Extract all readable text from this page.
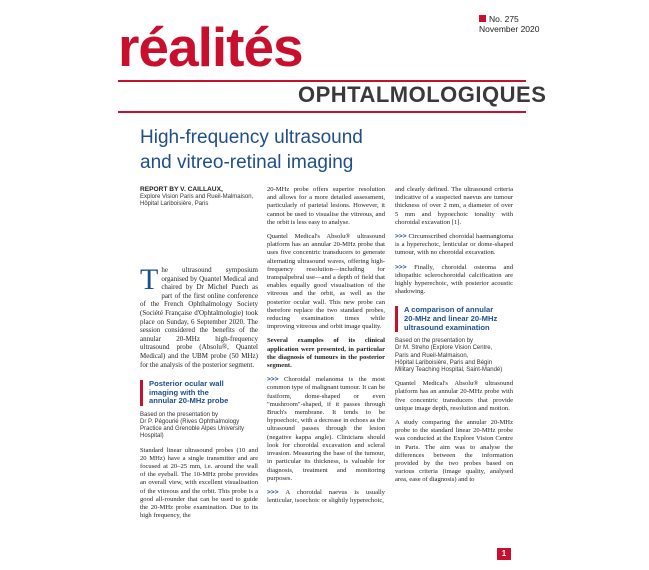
No. 275
November 2020
réalités
OPHTALMOLOGIQUES
High-frequency ultrasound
and vitreo-retinal imaging
REPORT BY V. CAILLAUX,
Explore Vision Paris and Rueil-Malmaison,
Hôpital Lariboisière, Paris
The ultrasound symposium organised by Quantel Medical and chaired by Dr Michel Puech as part of the first online conference of the French Ophthalmology Society (Société Française d'Ophtalmologie) took place on Sunday, 6 September 2020. The session considered the benefits of the annular 20-MHz high-frequency ultrasound probe (Absolu®, Quantel Medical) and the UBM probe (50 MHz) for the analysis of the posterior segment.
Posterior ocular wall
imaging with the
annular 20-MHz probe
Based on the presentation by
Dr P. Pégourié (Rives Ophthalmology
Practice and Grenoble Alpes University
Hospital)

Standard linear ultrasound probes (10 and 20 MHz) have a single transmitter and are focused at 20–25 mm, i.e. around the wall of the eyeball. The 10-MHz probe provides an overall view, with excellent visualisation of the vitreous and the orbit. This probe is a good all-rounder that can be used to guide the 20-MHz probe examination. Due to its high frequency, the

20-MHz probe offers superior resolution and allows for a more detailed assessment, particularly of parietal lesions. However, it cannot be used to visualise the vitreous, and the orbit is less easy to analyse.

Quantel Medical's Absolu® ultrasound platform has an annular 20-MHz probe that uses five concentric transducers to generate alternating ultrasound waves, offering high-frequency resolution—including for transpalpebral use—and a depth of field that enables equally good visualisation of the vitreous and the orbit, as well as the posterior ocular wall. This new probe can therefore replace the two standard probes, reducing examination times while improving vitreous and orbit image quality.

Several examples of its clinical application were presented, in particular the diagnosis of tumours in the posterior segment.

>>> Choroidal melanoma is the most common type of malignant tumour. It can be fusiform, dome-shaped or even "mushroom"-shaped, if it passes through Bruch's membrane. It tends to be hypoechoic, with a decrease in echoes as the ultrasound passes through the lesion (negative kappa angle). Clinicians should look for choroidal excavation and scleral invasion. Measuring the base of the tumour, in particular its thickness, is valuable for diagnosis, treatment and monitoring purposes.

>>> A choroidal naevus is usually lenticular, isoechoic or slightly hyperechoic,

and clearly defined. The ultrasound criteria indicative of a suspected naevus are tumour thickness of over 2 mm, a diameter of over 5 mm and hypoechoic tonality with choroidal excavation [1].

>>> Circumscribed choroidal haemangioma is a hyperechoic, lenticular or dome-shaped tumour, with no choroidal excavation.

>>> Finally, choroidal osteoma and idiopathic sclerochoroidal calcification are highly hyperechoic, with posterior acoustic shadowing.

A comparison of annular
20-MHz and linear 20-MHz
ultrasound examination
Based on the presentation by
Dr M. Streho (Explore Vision Centre,
Paris and Rueil-Malmaison,
Hôpital Lariboisière, Paris and Bégin
Military Teaching Hospital, Saint-Mandé)

Quantel Medical's Absolu® ultrasound platform has an annular 20-MHz probe with five concentric transducers that provide unique image depth, resolution and motion.

A study comparing the annular 20-MHz probe to the standard linear 20-MHz probe was conducted at the Explore Vision Centre in Paris. The aim was to analyse the differences between the information provided by the two probes based on various criteria (image quality, analysed area, ease of diagnosis) and to

1
